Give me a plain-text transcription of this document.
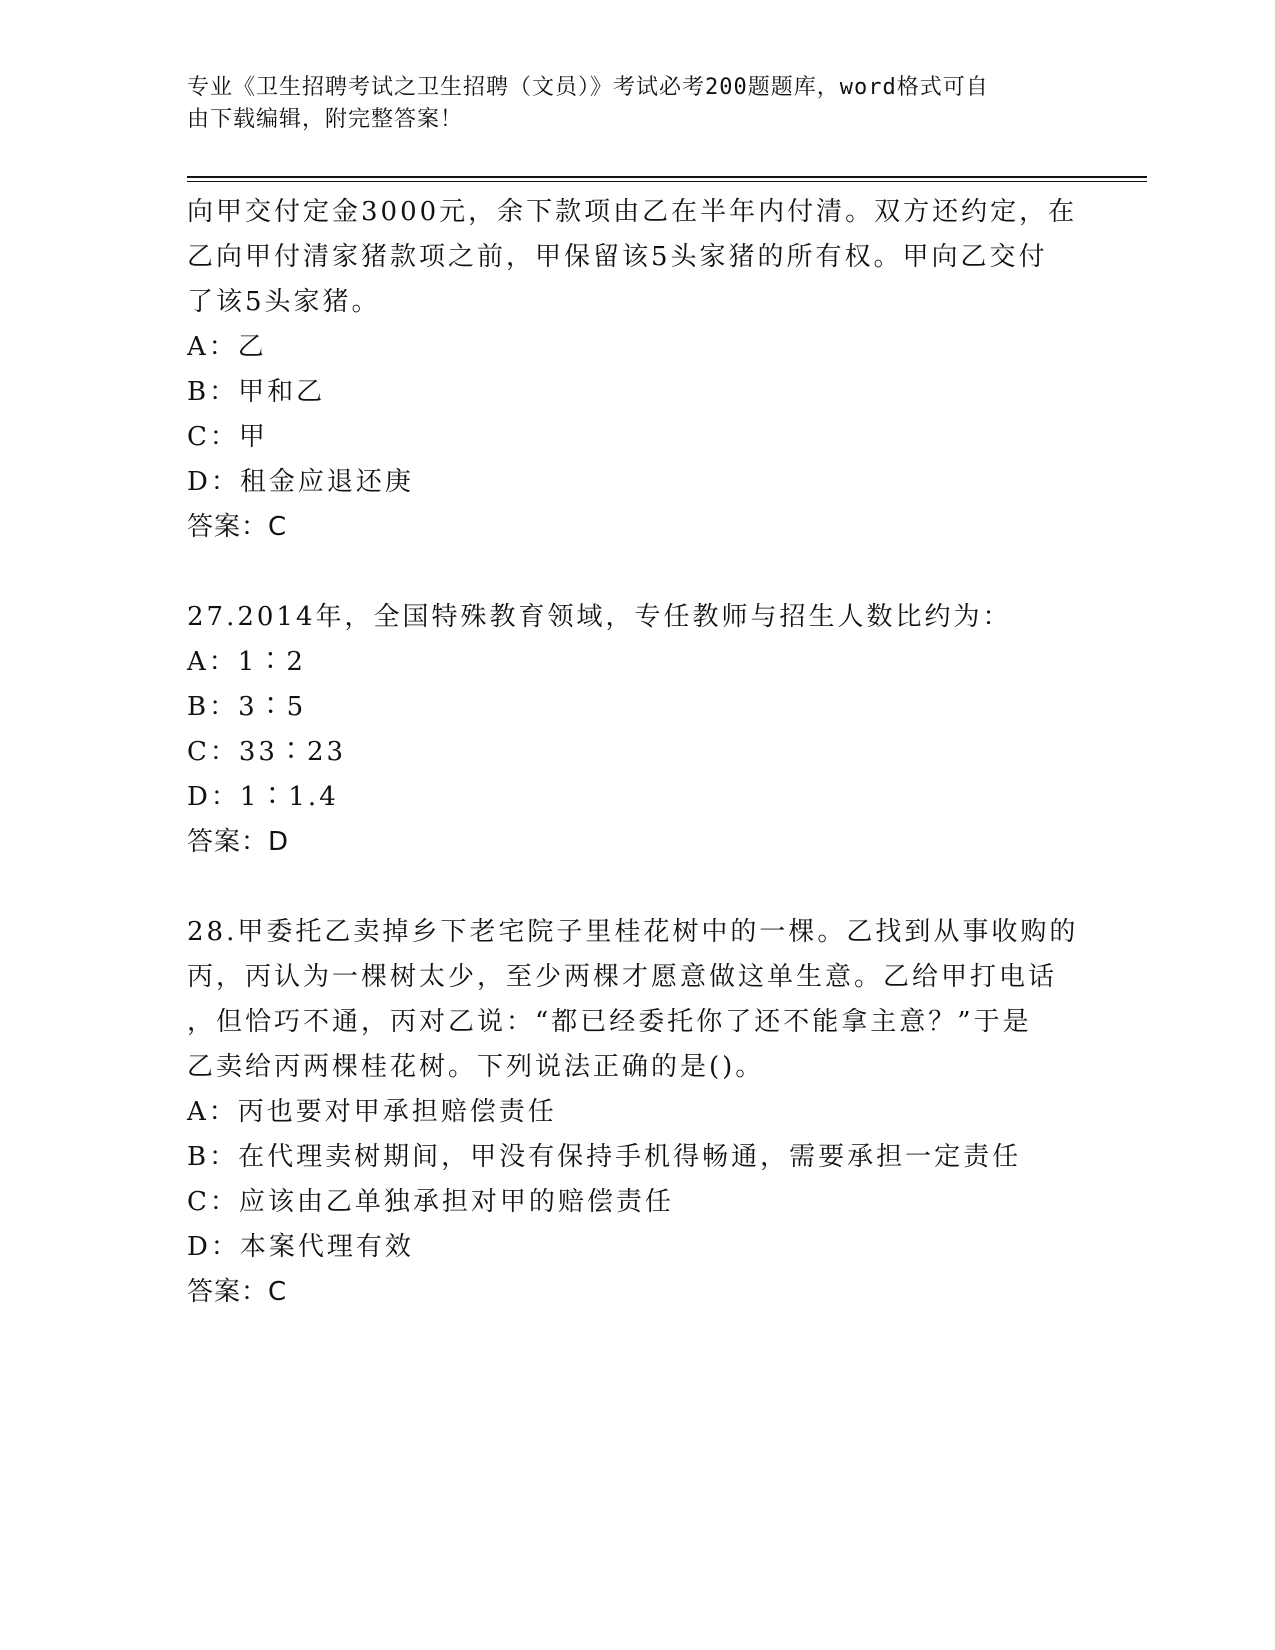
专业《卫生招聘考试之卫生招聘（文员）》考试必考200题题库，word格式可自
由下载编辑，附完整答案！
向甲交付定金3000元，余下款项由乙在半年内付清。双方还约定，在
乙向甲付清家猪款项之前，甲保留该5头家猪的所有权。甲向乙交付
了该5头家猪。
A：乙
B：甲和乙
C：甲
D：租金应退还庚
答案：C
27.2014年，全国特殊教育领域，专任教师与招生人数比约为：
A：1∶2
B：3∶5
C：33∶23
D：1∶1.4
答案：D
28.甲委托乙卖掉乡下老宅院子里桂花树中的一棵。乙找到从事收购的
丙，丙认为一棵树太少，至少两棵才愿意做这单生意。乙给甲打电话
，但恰巧不通，丙对乙说：“都已经委托你了还不能拿主意？”于是
乙卖给丙两棵桂花树。下列说法正确的是()。
A：丙也要对甲承担赔偿责任
B：在代理卖树期间，甲没有保持手机得畅通，需要承担一定责任
C：应该由乙单独承担对甲的赔偿责任
D：本案代理有效
答案：C
